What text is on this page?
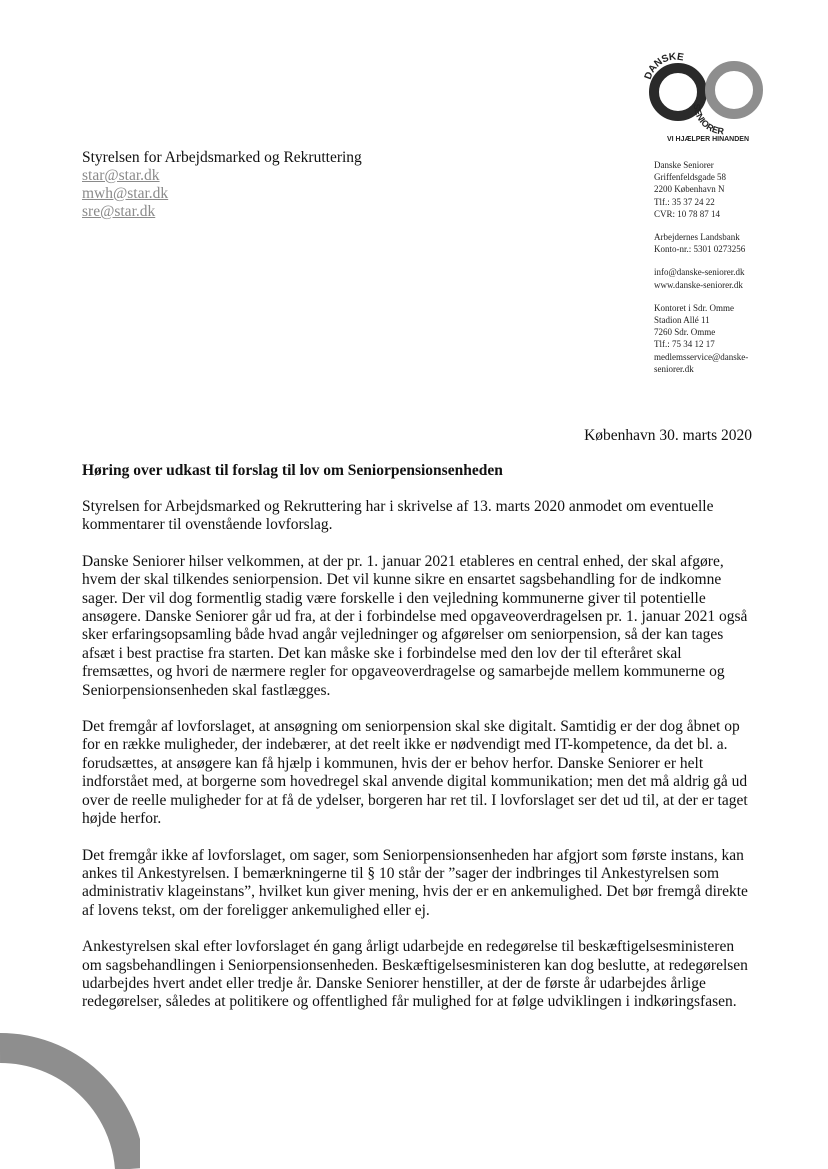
DANSKE
SENIORER
VI HJÆLPER HINANDEN
Styrelsen for Arbejdsmarked og Rekruttering
star@star.dk
mwh@star.dk
sre@star.dk
Danske Seniorer
Griffenfeldsgade 58
2200 København N
Tlf.: 35 37 24 22
CVR: 10 78 87 14
Arbejdernes Landsbank
Konto-nr.: 5301 0273256
info@danske-seniorer.dk
www.danske-seniorer.dk
Kontoret i Sdr. Omme
Stadion Allé 11
7260 Sdr. Omme
Tlf.: 75 34 12 17
medlemsservice@danske-
seniorer.dk
København 30. marts 2020
Høring over udkast til forslag til lov om Seniorpensionsenheden

Styrelsen for Arbejdsmarked og Rekruttering har i skrivelse af 13. marts 2020 anmodet om eventuelle kommentarer til ovenstående lovforslag.

Danske Seniorer hilser velkommen, at der pr. 1. januar 2021 etableres en central enhed, der skal afgøre, hvem der skal tilkendes seniorpension. Det vil kunne sikre en ensartet sagsbehandling for de indkomne sager. Der vil dog formentlig stadig være forskelle i den vejledning kommunerne giver til potentielle ansøgere. Danske Seniorer går ud fra, at der i forbindelse med opgaveoverdragelsen pr. 1. januar 2021 også sker erfaringsopsamling både hvad angår vejledninger og afgørelser om seniorpension, så der kan tages afsæt i best practise fra starten. Det kan måske ske i forbindelse med den lov der til efteråret skal fremsættes, og hvori de nærmere regler for opgaveoverdragelse og samarbejde mellem kommunerne og Seniorpensionsenheden skal fastlægges.

Det fremgår af lovforslaget, at ansøgning om seniorpension skal ske digitalt. Samtidig er der dog åbnet op for en række muligheder, der indebærer, at det reelt ikke er nødvendigt med IT-kompetence, da det bl. a. forudsættes, at ansøgere kan få hjælp i kommunen, hvis der er behov herfor. Danske Seniorer er helt indforstået med, at borgerne som hovedregel skal anvende digital kommunikation; men det må aldrig gå ud over de reelle muligheder for at få de ydelser, borgeren har ret til. I lovforslaget ser det ud til, at der er taget højde herfor.

Det fremgår ikke af lovforslaget, om sager, som Seniorpensionsenheden har afgjort som første instans, kan ankes til Ankestyrelsen. I bemærkningerne til § 10 står der ”sager der indbringes til Ankestyrelsen som administrativ klageinstans”, hvilket kun giver mening, hvis der er en ankemulighed. Det bør fremgå direkte af lovens tekst, om der foreligger ankemulighed eller ej.

Ankestyrelsen skal efter lovforslaget én gang årligt udarbejde en redegørelse til beskæftigelsesministeren om sagsbehandlingen i Seniorpensionsenheden. Beskæftigelsesministeren kan dog beslutte, at redegørelsen udarbejdes hvert andet eller tredje år. Danske Seniorer henstiller, at der de første år udarbejdes årlige redegørelser, således at politikere og offentlighed får mulighed for at følge udviklingen i indkøringsfasen.
